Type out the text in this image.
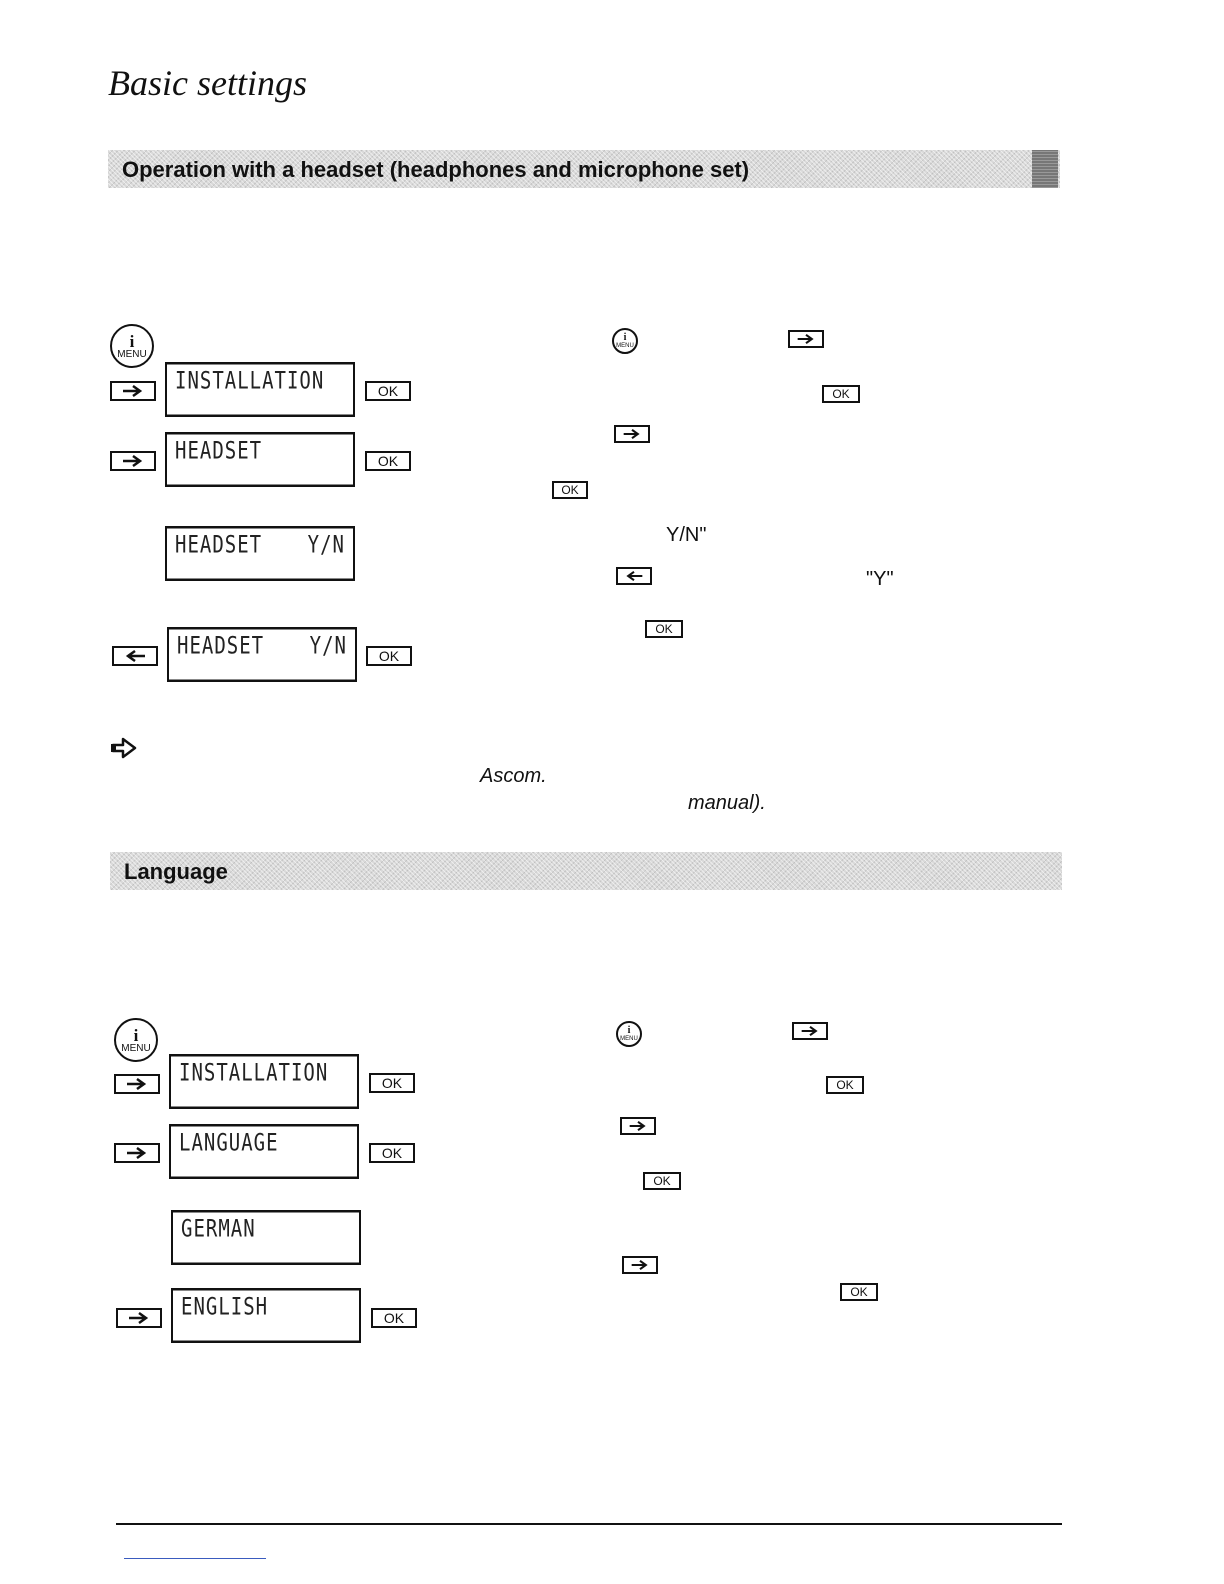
Basic settings
Operation with a headset (headphones and microphone set)
i
MENU
INSTALLATION	OK
HEADSET	OK
HEADSET Y/N
HEADSET Y/N	OK
i
MENU
OK
OK
Y/N"
"Y"
OK
Ascom.
manual).
Language
i
MENU
INSTALLATION	OK
LANGUAGE	OK
GERMAN
ENGLISH	OK
i
MENU
OK
OK
OK
